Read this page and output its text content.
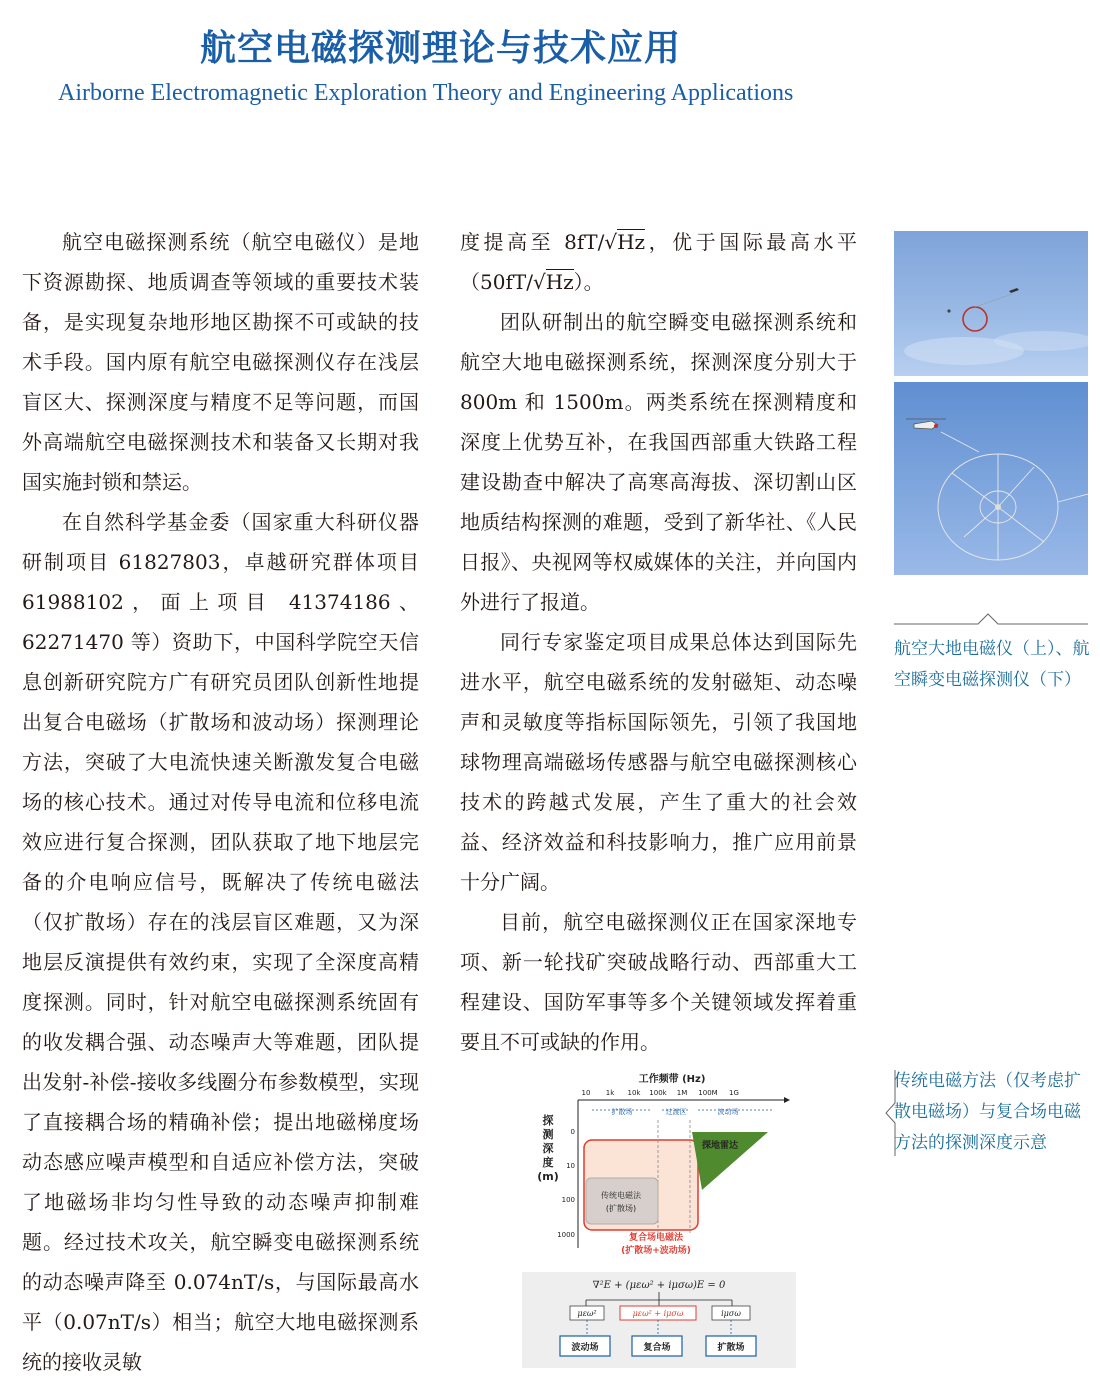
航空电磁探测理论与技术应用
Airborne Electromagnetic Exploration Theory and Engineering Applications

航空电磁探测系统（航空电磁仪）是地下资源勘探、地质调查等领域的重要技术装备，是实现复杂地形地区勘探不可或缺的技术手段。国内原有航空电磁探测仪存在浅层盲区大、探测深度与精度不足等问题，而国外高端航空电磁探测技术和装备又长期对我国实施封锁和禁运。

在自然科学基金委（国家重大科研仪器研制项目 61827803，卓越研究群体项目 61988102，面上项目 41374186、62271470 等）资助下，中国科学院空天信息创新研究院方广有研究员团队创新性地提出复合电磁场（扩散场和波动场）探测理论方法，突破了大电流快速关断激发复合电磁场的核心技术。通过对传导电流和位移电流效应进行复合探测，团队获取了地下地层完备的介电响应信号，既解决了传统电磁法（仅扩散场）存在的浅层盲区难题，又为深地层反演提供有效约束，实现了全深度高精度探测。同时，针对航空电磁探测系统固有的收发耦合强、动态噪声大等难题，团队提出发射-补偿-接收多线圈分布参数模型，实现了直接耦合场的精确补偿；提出地磁梯度场动态感应噪声模型和自适应补偿方法，突破了地磁场非均匀性导致的动态噪声抑制难题。经过技术攻关，航空瞬变电磁探测系统的动态噪声降至 0.074nT/s，与国际最高水平（0.07nT/s）相当；航空大地电磁探测系统的接收灵敏

度提高至 8fT/√Hz，优于国际最高水平（50fT/√Hz）。

团队研制出的航空瞬变电磁探测系统和航空大地电磁探测系统，探测深度分别大于 800m 和 1500m。两类系统在探测精度和深度上优势互补，在我国西部重大铁路工程建设勘查中解决了高寒高海拔、深切割山区地质结构探测的难题，受到了新华社、《人民日报》、央视网等权威媒体的关注，并向国内外进行了报道。

同行专家鉴定项目成果总体达到国际先进水平，航空电磁系统的发射磁矩、动态噪声和灵敏度等指标国际领先，引领了我国地球物理高端磁场传感器与航空电磁探测核心技术的跨越式发展，产生了重大的社会效益、经济效益和科技影响力，推广应用前景十分广阔。

目前，航空电磁探测仪正在国家深地专项、新一轮找矿突破战略行动、西部重大工程建设、国防军事等多个关键领域发挥着重要且不可或缺的作用。

航空大地电磁仪（上）、航空瞬变电磁探测仪（下）
传统电磁方法（仅考虑扩散电磁场）与复合场电磁方法的探测深度示意
工作频带 (Hz)
10 1k 10k 100k 1M 100M 1G
扩散场	过渡区	波动场
探
测
深
度
(m)
0
10
100
1000
探地雷达
传统电磁法
(扩散场)
复合场电磁法
(扩散场+波动场)
∇²E + (μεω² + iμσω)E = 0
μεω²	μεω² + iμσω	iμσω
波动场	复合场	扩散场
